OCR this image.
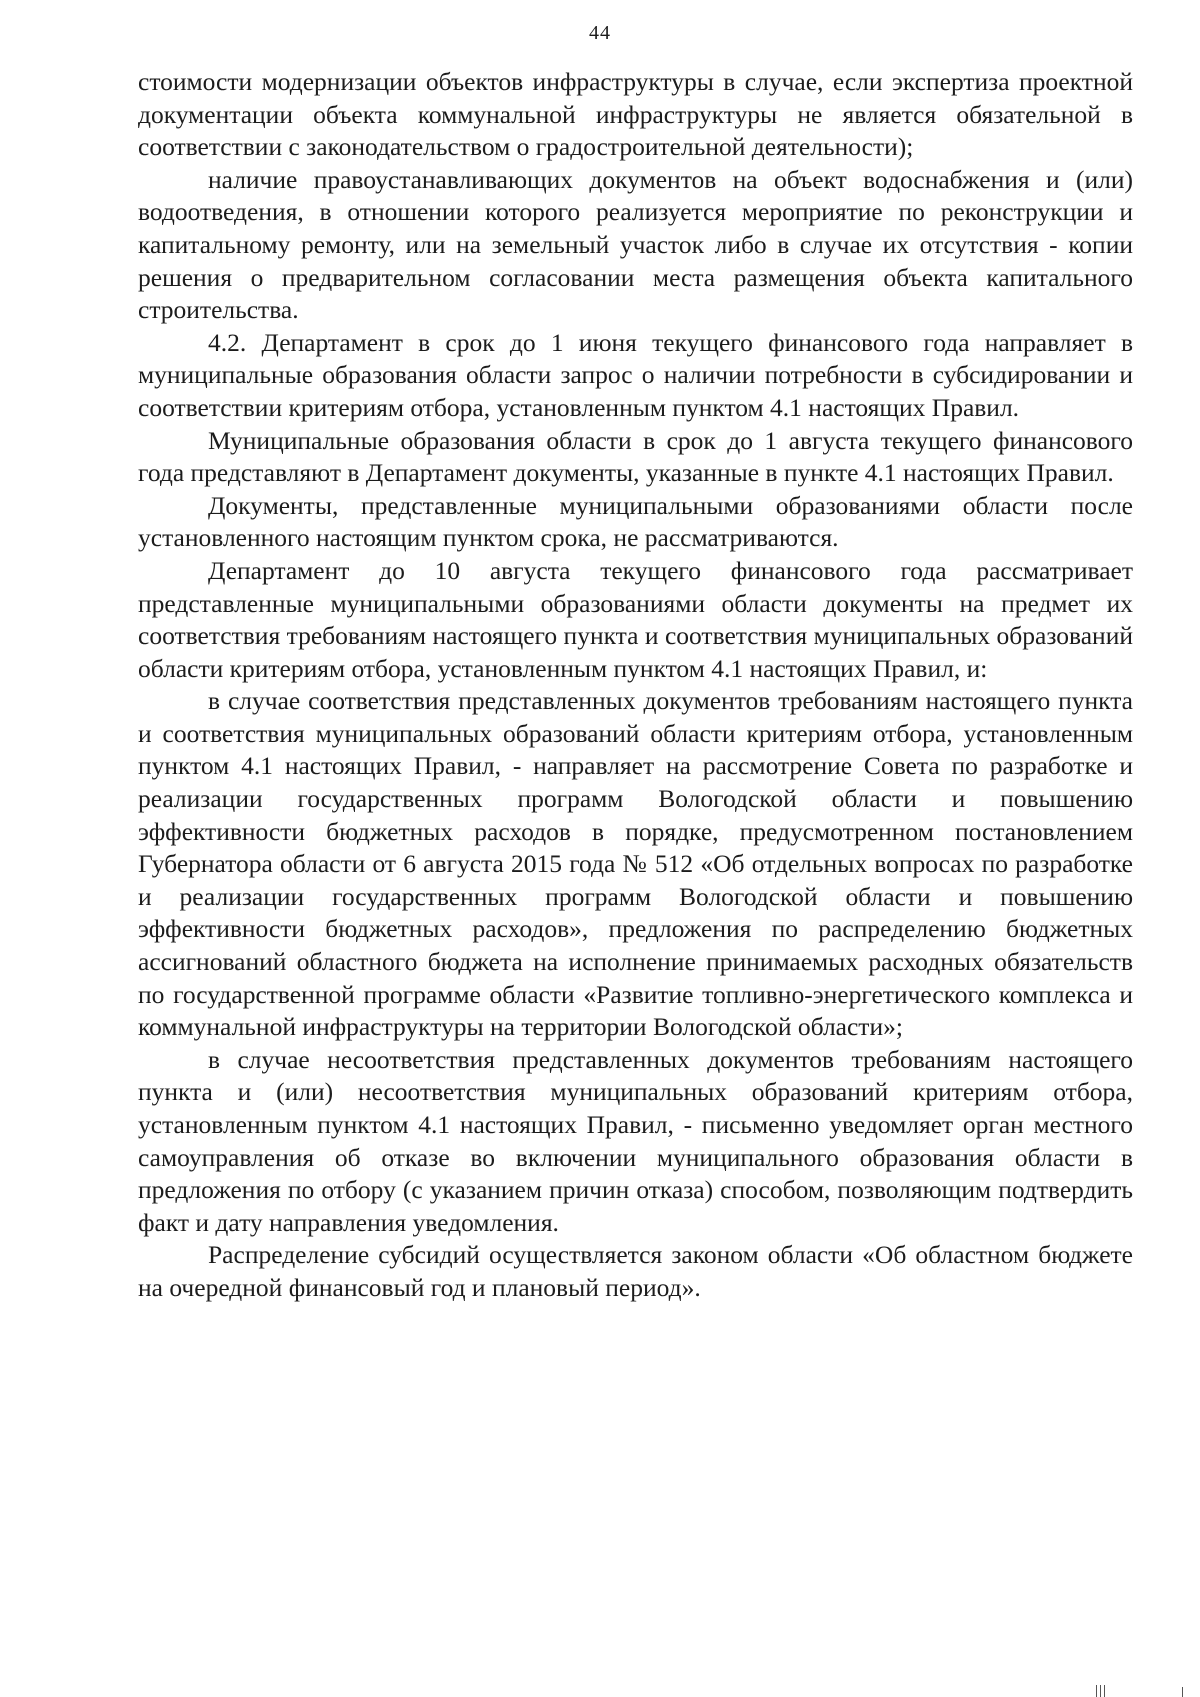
44

стоимости модернизации объектов инфраструктуры в случае, если экспертиза проектной документации объекта коммунальной инфраструктуры не является обязательной в соответствии с законодательством о градостроительной деятельности);

наличие правоустанавливающих документов на объект водоснабжения и (или) водоотведения, в отношении которого реализуется мероприятие по реконструкции и капитальному ремонту, или на земельный участок либо в случае их отсутствия - копии решения о предварительном согласовании места размещения объекта капитального строительства.

4.2. Департамент в срок до 1 июня текущего финансового года направляет в муниципальные образования области запрос о наличии потребности в субсидировании и соответствии критериям отбора, установленным пунктом 4.1 настоящих Правил.

Муниципальные образования области в срок до 1 августа текущего финансового года представляют в Департамент документы, указанные в пункте 4.1 настоящих Правил.

Документы, представленные муниципальными образованиями области после установленного настоящим пунктом срока, не рассматриваются.

Департамент до 10 августа текущего финансового года рассматривает представленные муниципальными образованиями области документы на предмет их соответствия требованиям настоящего пункта и соответствия муниципальных образований области критериям отбора, установленным пунктом 4.1 настоящих Правил, и:

в случае соответствия представленных документов требованиям настоящего пункта и соответствия муниципальных образований области критериям отбора, установленным пунктом 4.1 настоящих Правил, - направляет на рассмотрение Совета по разработке и реализации государственных программ Вологодской области и повышению эффективности бюджетных расходов в порядке, предусмотренном постановлением Губернатора области от 6 августа 2015 года № 512 «Об отдельных вопросах по разработке и реализации государственных программ Вологодской области и повышению эффективности бюджетных расходов», предложения по распределению бюджетных ассигнований областного бюджета на исполнение принимаемых расходных обязательств по государственной программе области «Развитие топливно-энергетического комплекса и коммунальной инфраструктуры на территории Вологодской области»;

в случае несоответствия представленных документов требованиям настоящего пункта и (или) несоответствия муниципальных образований критериям отбора, установленным пунктом 4.1 настоящих Правил, - письменно уведомляет орган местного самоуправления об отказе во включении муниципального образования области в предложения по отбору (с указанием причин отказа) способом, позволяющим подтвердить факт и дату направления уведомления.

Распределение субсидий осуществляется законом области «Об областном бюджете на очередной финансовый год и плановый период».
